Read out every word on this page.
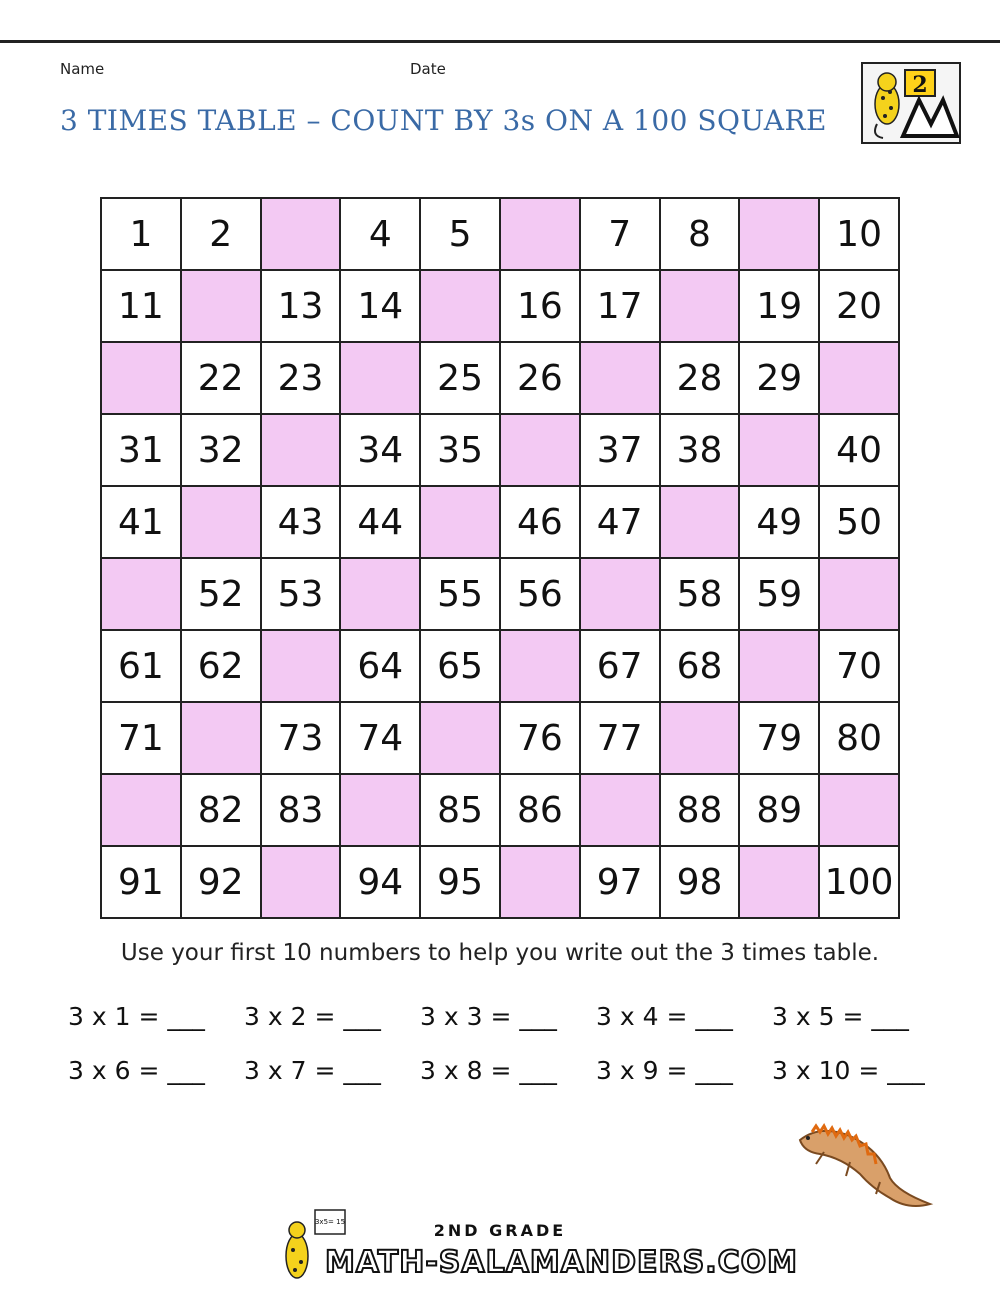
Name	Date
3 TIMES TABLE – COUNT BY 3s ON A 100 SQUARE
2
1	2		4	5		7	8		10
11		13	14		16	17		19	20
	22	23		25	26		28	29	
31	32		34	35		37	38		40
41		43	44		46	47		49	50
	52	53		55	56		58	59	
61	62		64	65		67	68		70
71		73	74		76	77		79	80
	82	83		85	86		88	89	
91	92		94	95		97	98		100
Use your first 10 numbers to help you write out the 3 times table.
3 x 1 = ___ 3 x 2 = ___ 3 x 3 = ___ 3 x 4 = ___ 3 x 5 = ___
3 x 6 = ___ 3 x 7 = ___ 3 x 8 = ___ 3 x 9 = ___ 3 x 10 = ___
2ND GRADE
3x5= 15
MATH-SALAMANDERS.COM
